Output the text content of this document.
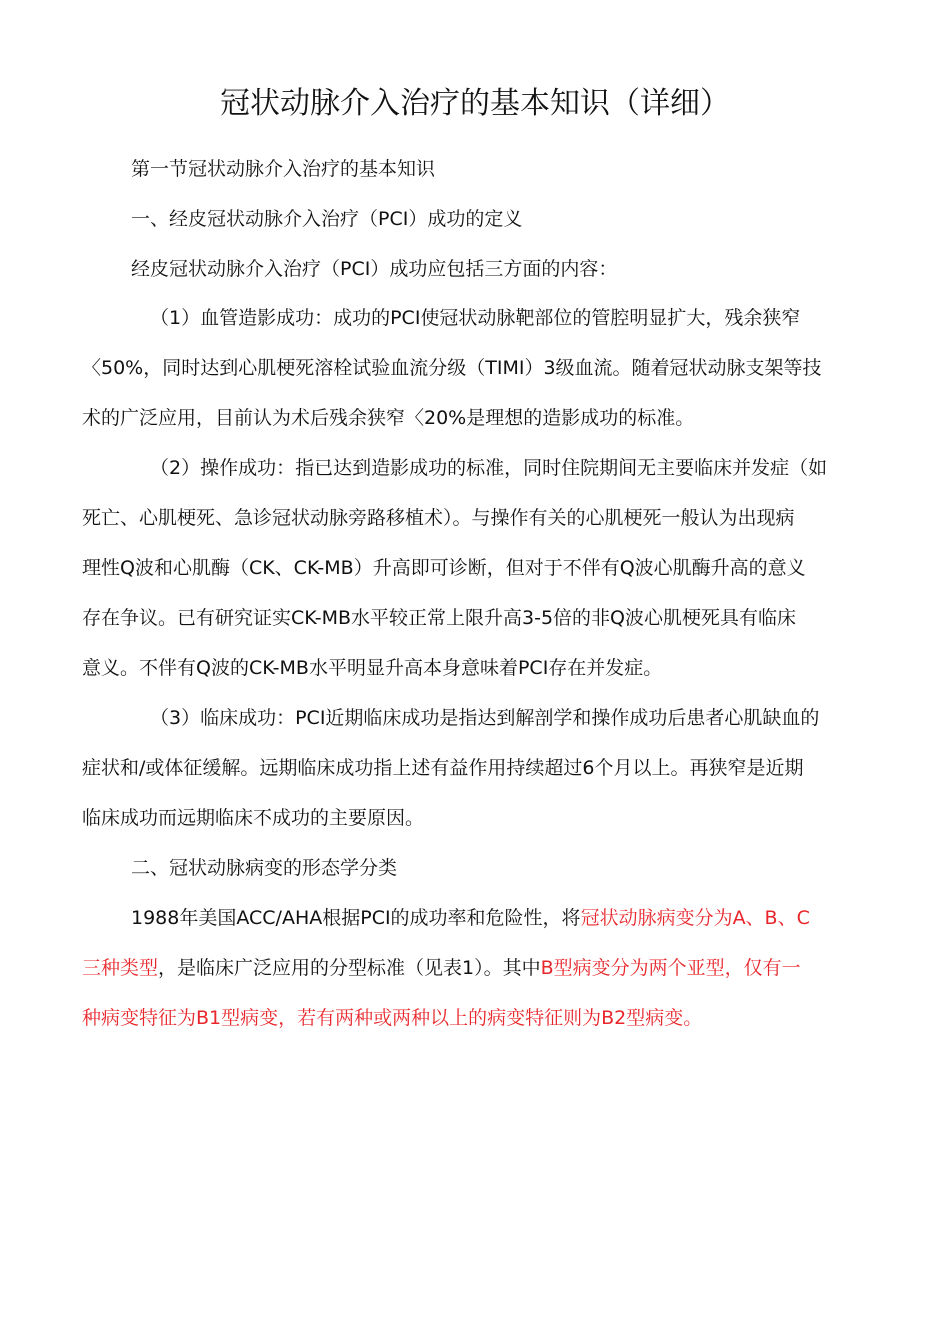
冠状动脉介入治疗的基本知识（详细）

第一节冠状动脉介入治疗的基本知识

一、经皮冠状动脉介入治疗（PCI）成功的定义

经皮冠状动脉介入治疗（PCI）成功应包括三方面的内容：

（1）血管造影成功：成功的PCI使冠状动脉靶部位的管腔明显扩大，残余狭窄

〈50%，同时达到心肌梗死溶栓试验血流分级（TIMI）3级血流。随着冠状动脉支架等技

术的广泛应用，目前认为术后残余狭窄〈20%是理想的造影成功的标准。

（2）操作成功：指已达到造影成功的标准，同时住院期间无主要临床并发症（如

死亡、心肌梗死、急诊冠状动脉旁路移植术）。与操作有关的心肌梗死一般认为出现病

理性Q波和心肌酶（CK、CK-MB）升高即可诊断，但对于不伴有Q波心肌酶升高的意义

存在争议。已有研究证实CK-MB水平较正常上限升高3-5倍的非Q波心肌梗死具有临床

意义。不伴有Q波的CK-MB水平明显升高本身意味着PCI存在并发症。

（3）临床成功：PCI近期临床成功是指达到解剖学和操作成功后患者心肌缺血的

症状和/或体征缓解。远期临床成功指上述有益作用持续超过6个月以上。再狭窄是近期

临床成功而远期临床不成功的主要原因。

二、冠状动脉病变的形态学分类

1988年美国ACC/AHA根据PCI的成功率和危险性，将冠状动脉病变分为A、B、C

三种类型，是临床广泛应用的分型标准（见表1）。其中B型病变分为两个亚型，仅有一

种病变特征为B1型病变，若有两种或两种以上的病变特征则为B2型病变。
